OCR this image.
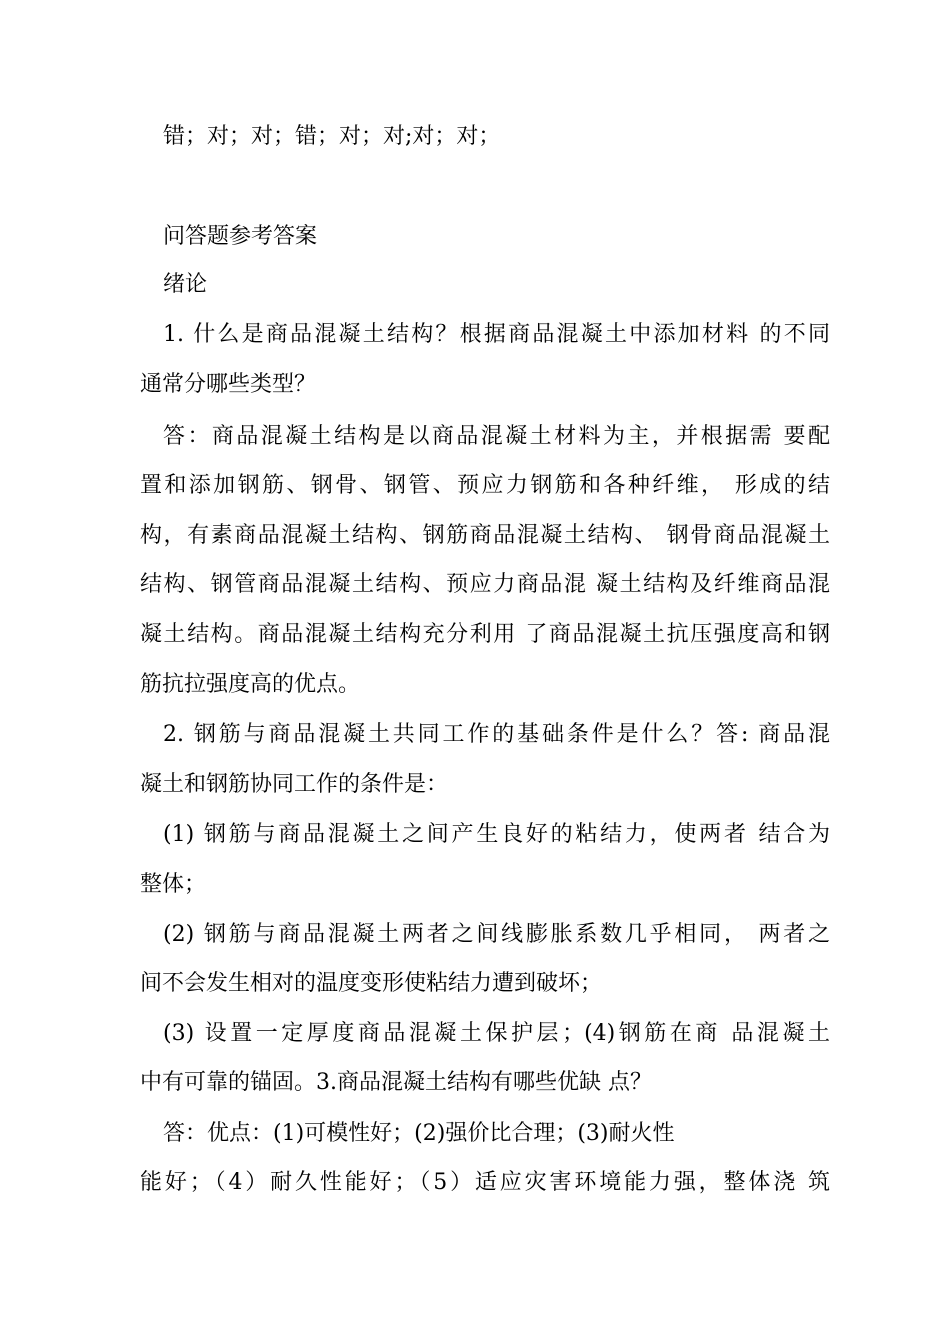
错；对；对；错；对；对;对；对；
问答题参考答案
绪论
1. 什么是商品混凝土结构？根据商品混凝土中添加材料 的不同
通常分哪些类型？
答：商品混凝土结构是以商品混凝土材料为主，并根据需 要配
置和添加钢筋、钢骨、钢管、预应力钢筋和各种纤维， 形成的结
构，有素商品混凝土结构、钢筋商品混凝土结构、 钢骨商品混凝土
结构、钢管商品混凝土结构、预应力商品混 凝土结构及纤维商品混
凝土结构。商品混凝土结构充分利用 了商品混凝土抗压强度高和钢
筋抗拉强度高的优点。
2. 钢筋与商品混凝土共同工作的基础条件是什么？答: 商品混
凝土和钢筋协同工作的条件是：
(1) 钢筋与商品混凝土之间产生良好的粘结力，使两者 结合为
整体；
(2) 钢筋与商品混凝土两者之间线膨胀系数几乎相同， 两者之
间不会发生相对的温度变形使粘结力遭到破坏；
(3) 设置一定厚度商品混凝土保护层；(4)钢筋在商 品混凝土
中有可靠的锚固。3.商品混凝土结构有哪些优缺 点？
答：优点：(1)可模性好；(2)强价比合理；(3)耐火性
能好；（4）耐久性能好；（5）适应灾害环境能力强，整体浇 筑
